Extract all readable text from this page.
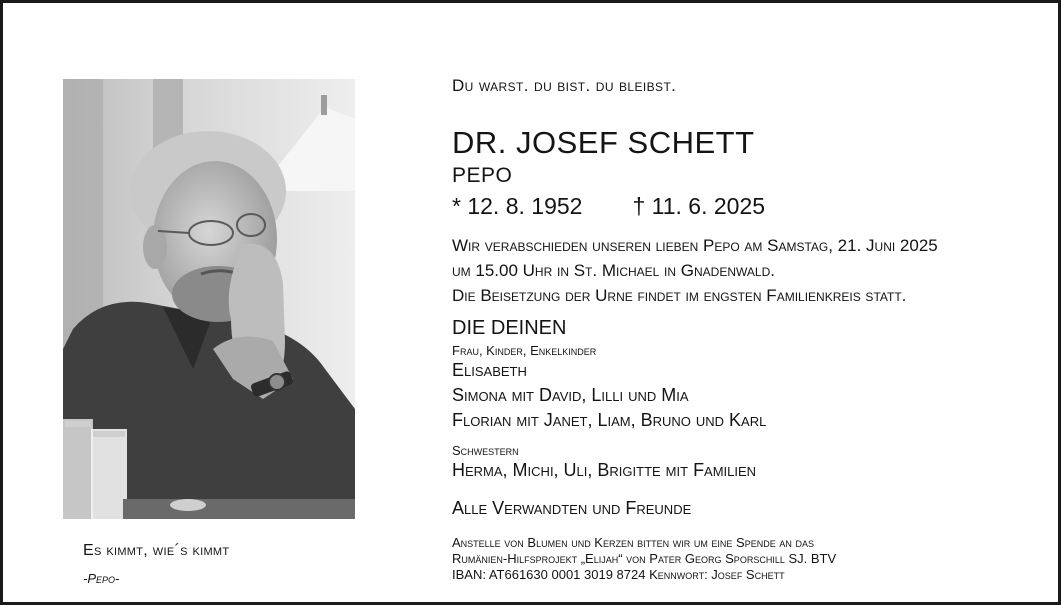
Es kimmt, wie´s kimmt
-Pepo-
Du warst. du bist. du bleibst.
DR. JOSEF SCHETT
PEPO
* 12. 8. 1952 † 11. 6. 2025
Wir verabschieden unseren lieben Pepo am Samstag, 21. Juni 2025
um 15.00 Uhr in St. Michael in Gnadenwald.
Die Beisetzung der Urne findet im engsten Familienkreis statt.
DIE DEINEN
Frau, Kinder, Enkelkinder
Elisabeth
Simona mit David, Lilli und Mia
Florian mit Janet, Liam, Bruno und Karl
Schwestern
Herma, Michi, Uli, Brigitte mit Familien
Alle Verwandten und Freunde
Anstelle von Blumen und Kerzen bitten wir um eine Spende an das
Rumänien-Hilfsprojekt „Elijah“ von Pater Georg Sporschill SJ. BTV
IBAN: AT661630 0001 3019 8724 Kennwort: Josef Schett
